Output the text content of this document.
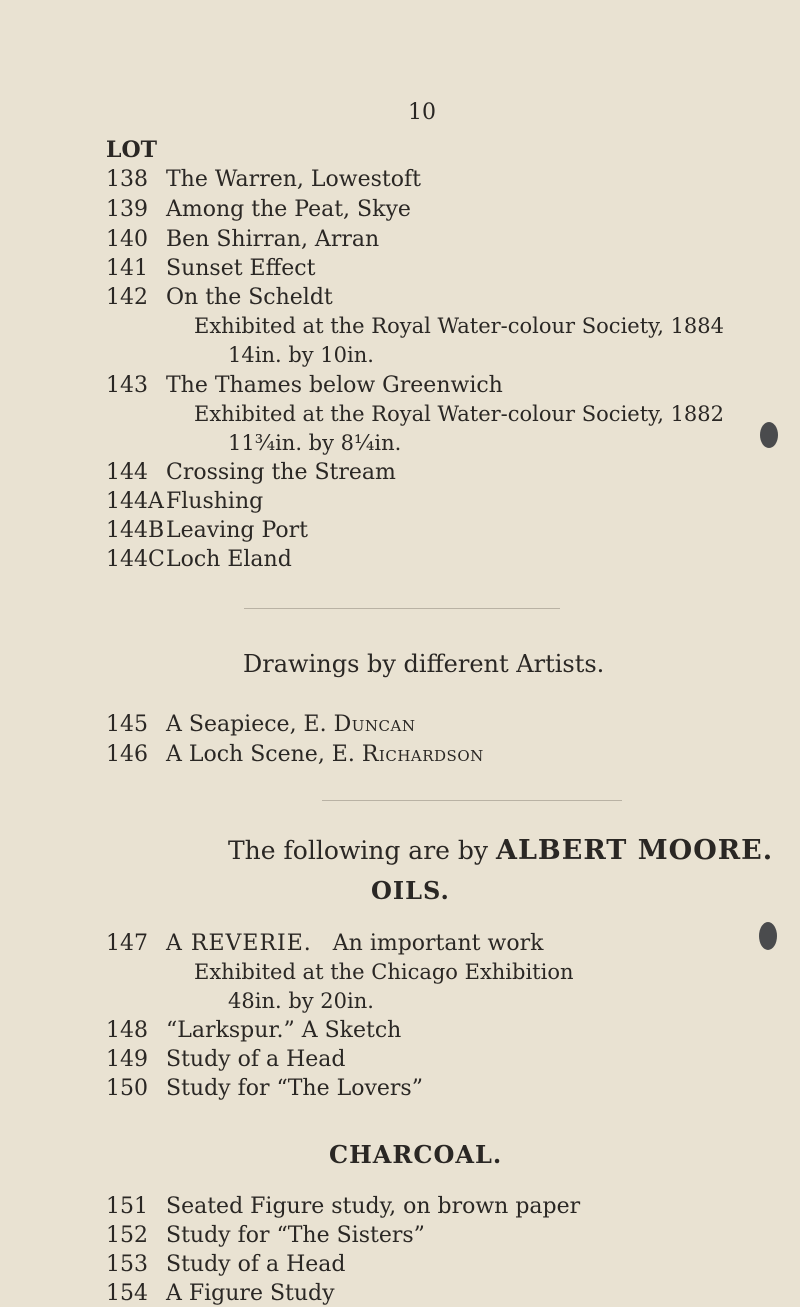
10
LOT
138 The Warren, Lowestoft
139 Among the Peat, Skye
140 Ben Shirran, Arran
141 Sunset Effect
142 On the Scheldt
Exhibited at the Royal Water-colour Society, 1884
14in. by 10in.
143 The Thames below Greenwich
Exhibited at the Royal Water-colour Society, 1882
11¾in. by 8¼in.
144 Crossing the Stream
144AFlushing
144BLeaving Port
144CLoch Eland
Drawings by different Artists.
145 A Seapiece, E. Duncan
146 A Loch Scene, E. Richardson
The following are by ALBERT MOORE.
OILS.
147 A REVERIE. An important work
Exhibited at the Chicago Exhibition
48in. by 20in.
148 “Larkspur.” A Sketch
149 Study of a Head
150 Study for “The Lovers”
CHARCOAL.
151 Seated Figure study, on brown paper
152 Study for “The Sisters”
153 Study of a Head
154 A Figure Study
